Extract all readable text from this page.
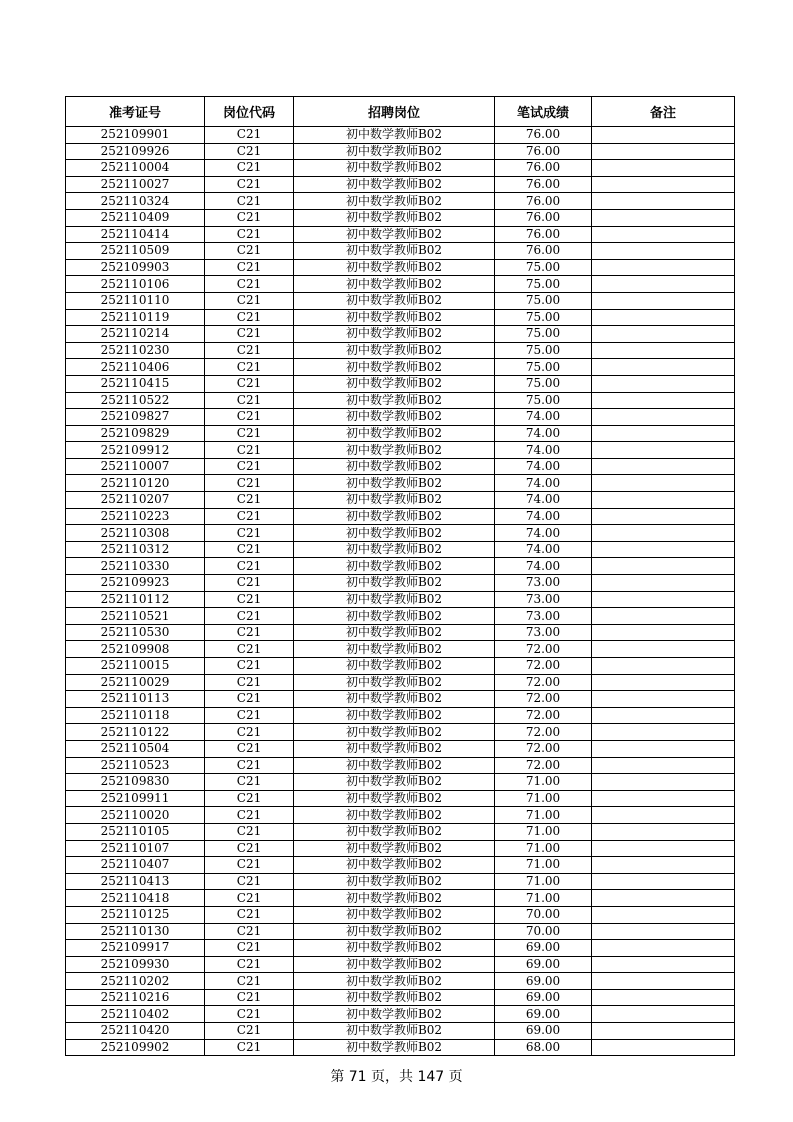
准考证号	岗位代码	招聘岗位	笔试成绩	备注
252109901	C21	初中数学教师B02	76.00	
252109926	C21	初中数学教师B02	76.00	
252110004	C21	初中数学教师B02	76.00	
252110027	C21	初中数学教师B02	76.00	
252110324	C21	初中数学教师B02	76.00	
252110409	C21	初中数学教师B02	76.00	
252110414	C21	初中数学教师B02	76.00	
252110509	C21	初中数学教师B02	76.00	
252109903	C21	初中数学教师B02	75.00	
252110106	C21	初中数学教师B02	75.00	
252110110	C21	初中数学教师B02	75.00	
252110119	C21	初中数学教师B02	75.00	
252110214	C21	初中数学教师B02	75.00	
252110230	C21	初中数学教师B02	75.00	
252110406	C21	初中数学教师B02	75.00	
252110415	C21	初中数学教师B02	75.00	
252110522	C21	初中数学教师B02	75.00	
252109827	C21	初中数学教师B02	74.00	
252109829	C21	初中数学教师B02	74.00	
252109912	C21	初中数学教师B02	74.00	
252110007	C21	初中数学教师B02	74.00	
252110120	C21	初中数学教师B02	74.00	
252110207	C21	初中数学教师B02	74.00	
252110223	C21	初中数学教师B02	74.00	
252110308	C21	初中数学教师B02	74.00	
252110312	C21	初中数学教师B02	74.00	
252110330	C21	初中数学教师B02	74.00	
252109923	C21	初中数学教师B02	73.00	
252110112	C21	初中数学教师B02	73.00	
252110521	C21	初中数学教师B02	73.00	
252110530	C21	初中数学教师B02	73.00	
252109908	C21	初中数学教师B02	72.00	
252110015	C21	初中数学教师B02	72.00	
252110029	C21	初中数学教师B02	72.00	
252110113	C21	初中数学教师B02	72.00	
252110118	C21	初中数学教师B02	72.00	
252110122	C21	初中数学教师B02	72.00	
252110504	C21	初中数学教师B02	72.00	
252110523	C21	初中数学教师B02	72.00	
252109830	C21	初中数学教师B02	71.00	
252109911	C21	初中数学教师B02	71.00	
252110020	C21	初中数学教师B02	71.00	
252110105	C21	初中数学教师B02	71.00	
252110107	C21	初中数学教师B02	71.00	
252110407	C21	初中数学教师B02	71.00	
252110413	C21	初中数学教师B02	71.00	
252110418	C21	初中数学教师B02	71.00	
252110125	C21	初中数学教师B02	70.00	
252110130	C21	初中数学教师B02	70.00	
252109917	C21	初中数学教师B02	69.00	
252109930	C21	初中数学教师B02	69.00	
252110202	C21	初中数学教师B02	69.00	
252110216	C21	初中数学教师B02	69.00	
252110402	C21	初中数学教师B02	69.00	
252110420	C21	初中数学教师B02	69.00	
252109902	C21	初中数学教师B02	68.00	
第 71 页，共 147 页
